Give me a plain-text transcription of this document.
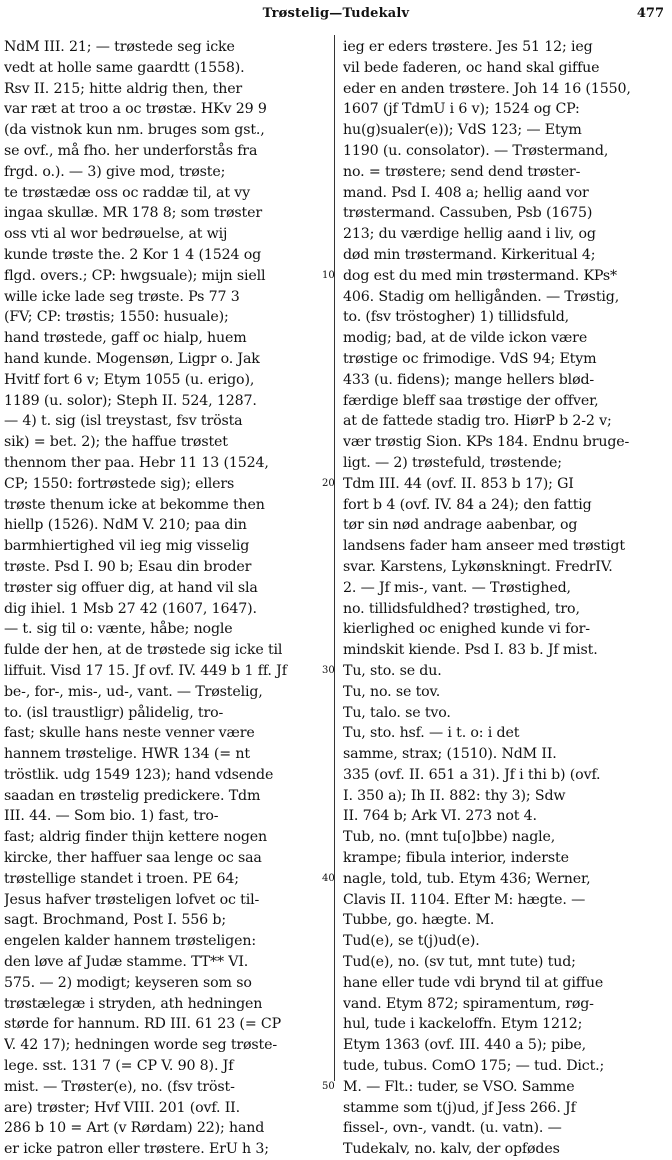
Trøstelig—Tudekalv	477
NdM III. 21; — trøstede seg icke
vedt at holle same gaardtt (1558).
Rsv II. 215; hitte aldrig then, ther
var ræt at troo a oc trøstæ. HKv 29 9
(da vistnok kun nm. bruges som gst.,
se ovf., må fho. her underforstås fra
frgd. o.). — 3) give mod, trøste;
te trøstædæ oss oc raddæ til, at vy
ingaa skullæ. MR 178 8; som trøster
oss vti al wor bedrøuelse, at wij
kunde trøste the. 2 Kor 1 4 (1524 og
flgd. overs.; CP: hwgsuale); mijn siell
wille icke lade seg trøste. Ps 77 3
(FV; CP: trøstis; 1550: husuale);
hand trøstede, gaff oc hialp, huem
hand kunde. Mogensøn, Ligpr o. Jak
Hvitf fort 6 v; Etym 1055 (u. erigo),
1189 (u. solor); Steph II. 524, 1287.
— 4) t. sig (isl treystast, fsv trösta
sik) = bet. 2); the haffue trøstet
thennom ther paa. Hebr 11 13 (1524,
CP; 1550: fortrøstede sig); ellers
trøste thenum icke at bekomme then
hiellp (1526). NdM V. 210; paa din
barmhiertighed vil ieg mig visselig
trøste. Psd I. 90 b; Esau din broder
trøster sig offuer dig, at hand vil sla
dig ihiel. 1 Msb 27 42 (1607, 1647).
— t. sig til o: vænte, håbe; nogle
fulde der hen, at de trøstede sig icke til
liffuit. Visd 17 15. Jf ovf. IV. 449 b 1 ff. Jf
be-, for-, mis-, ud-, vant. — Trøstelig,
to. (isl traustligr) pålidelig, tro-
fast; skulle hans neste venner være
hannem trøstelige. HWR 134 (= nt
tröstlik. udg 1549 123); hand vdsende
saadan en trøstelig predickere. Tdm
III. 44. — Som bio. 1) fast, tro-
fast; aldrig finder thijn kettere nogen
kircke, ther haffuer saa lenge oc saa
trøstellige standet i troen. PE 64;
Jesus hafver trøsteligen lofvet oc til-
sagt. Brochmand, Post I. 556 b;
engelen kalder hannem trøsteligen:
den løve af Judæ stamme. TT** VI.
575. — 2) modigt; keyseren som so
trøstælegæ i stryden, ath hedningen
størde for hannum. RD III. 61 23 (= CP
V. 42 17); hedningen worde seg trøste-
lege. sst. 131 7 (= CP V. 90 8). Jf
mist. — Trøster(e), no. (fsv tröst-
are) trøster; Hvf VIII. 201 (ovf. II.
286 b 10 = Art (v Rørdam) 22); hand
er icke patron eller trøstere. ErU h 3;
10
20
30
40
50
ieg er eders trøstere. Jes 51 12; ieg
vil bede faderen, oc hand skal giffue
eder en anden trøstere. Joh 14 16 (1550,
1607 (jf TdmU i 6 v); 1524 og CP:
hu(g)sualer(e)); VdS 123; — Etym
1190 (u. consolator). — Trøstermand,
no. = trøstere; send dend trøster-
mand. Psd I. 408 a; hellig aand vor
trøstermand. Cassuben, Psb (1675)
213; du værdige hellig aand i liv, og
død min trøstermand. Kirkeritual 4;
dog est du med min trøstermand. KPs*
406. Stadig om helligånden. — Trøstig,
to. (fsv tröstogher) 1) tillidsfuld,
modig; bad, at de vilde ickon være
trøstige oc frimodige. VdS 94; Etym
433 (u. fidens); mange hellers blød-
færdige bleff saa trøstige der offver,
at de fattede stadig tro. HiørP b 2-2 v;
vær trøstig Sion. KPs 184. Endnu bruge-
ligt. — 2) trøstefuld, trøstende;
Tdm III. 44 (ovf. II. 853 b 17); GI
fort b 4 (ovf. IV. 84 a 24); den fattig
tør sin nød andrage aabenbar, og
landsens fader ham anseer med trøstigt
svar. Karstens, Lykønskningt. FredrIV.
2. — Jf mis-, vant. — Trøstighed,
no. tillidsfuldhed? trøstighed, tro,
kierlighed oc enighed kunde vi for-
mindskit kiende. Psd I. 83 b. Jf mist.
Tu, sto. se du.
Tu, no. se tov.
Tu, talo. se tvo.
Tu, sto. hsf. — i t. o: i det
samme, strax; (1510). NdM II.
335 (ovf. II. 651 a 31). Jf i thi b) (ovf.
I. 350 a); Ih II. 882: thy 3); Sdw
II. 764 b; Ark VI. 273 not 4.
Tub, no. (mnt tu[o]bbe) nagle,
krampe; fibula interior, inderste
nagle, told, tub. Etym 436; Werner,
Clavis II. 1104. Efter M: hægte. —
Tubbe, go. hægte. M.
Tud(e), se t(j)ud(e).
Tud(e), no. (sv tut, mnt tute) tud;
hane eller tude vdi brynd til at giffue
vand. Etym 872; spiramentum, røg-
hul, tude i kackeloffn. Etym 1212;
Etym 1363 (ovf. III. 440 a 5); pibe,
tude, tubus. ComO 175; — tud. Dict.;
M. — Flt.: tuder, se VSO. Samme
stamme som t(j)ud, jf Jess 266. Jf
fissel-, ovn-, vandt. (u. vatn). —
Tudekalv, no. kalv, der opfødes
